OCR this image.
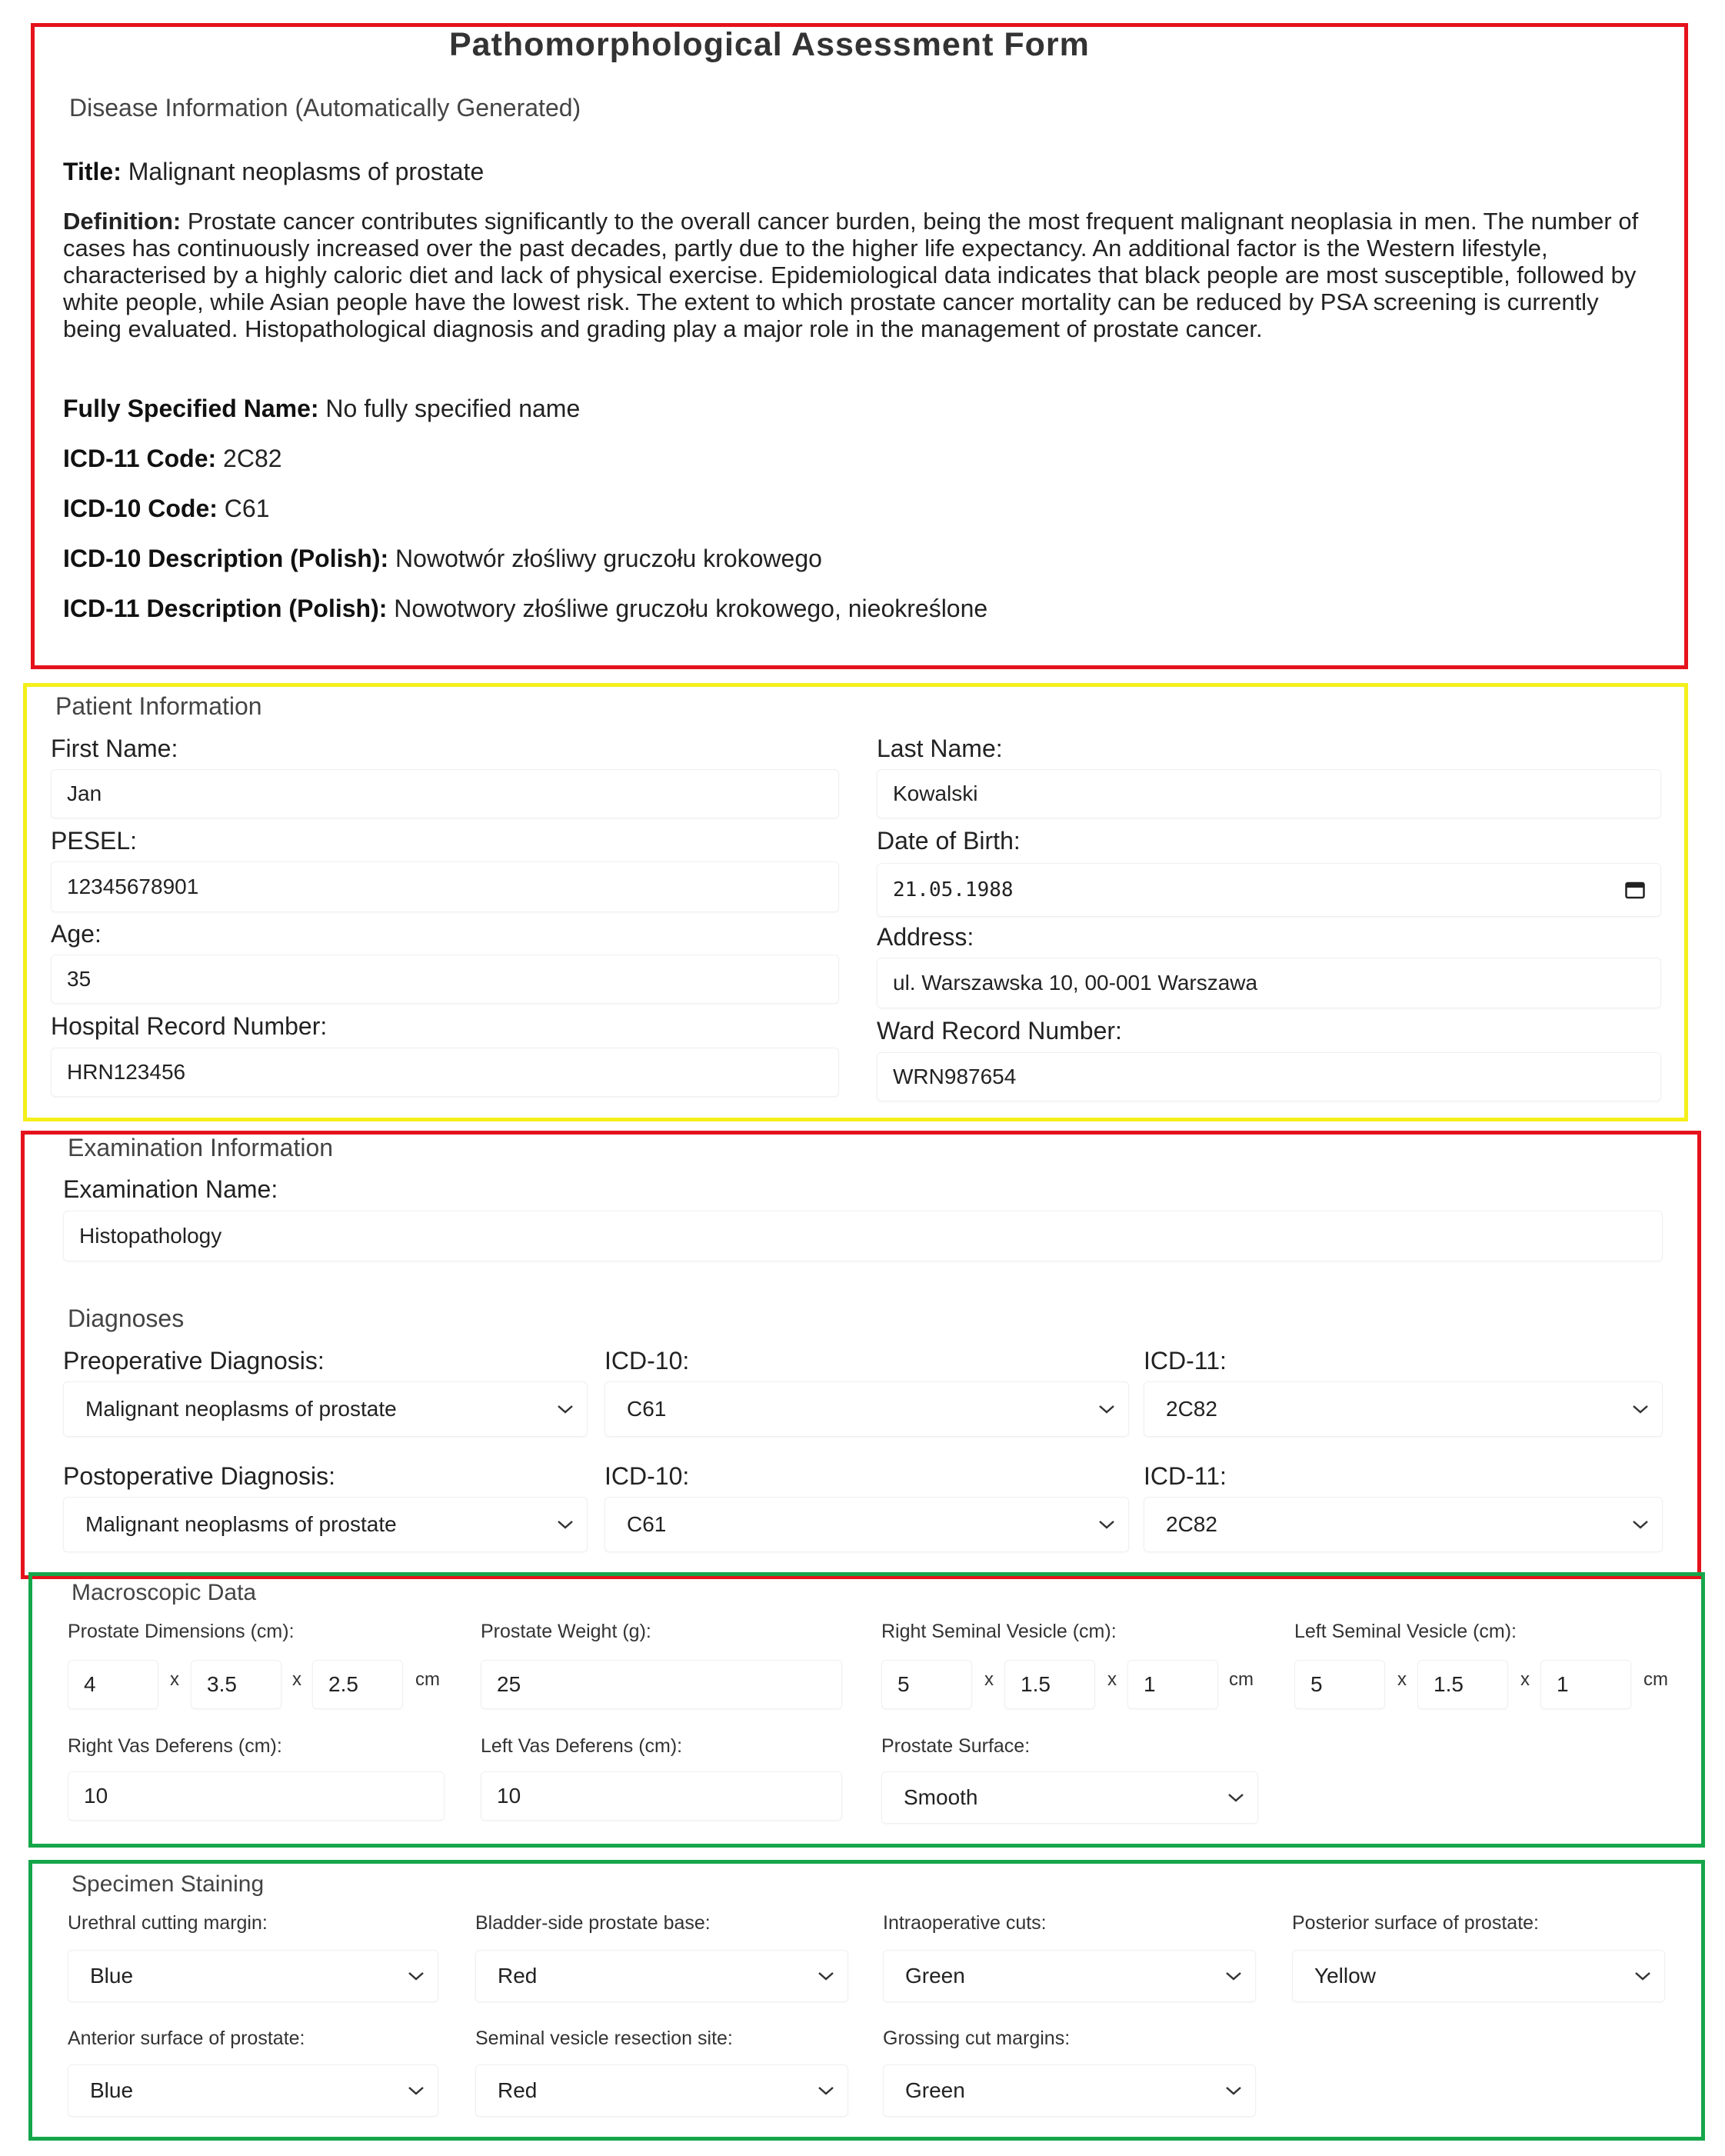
Pathomorphological Assessment Form
Disease Information (Automatically Generated)
Title: Malignant neoplasms of prostate
Definition: Prostate cancer contributes significantly to the overall cancer burden, being the most frequent malignant neoplasia in men. The number of cases has continuously increased over the past decades, partly due to the higher life expectancy. An additional factor is the Western lifestyle, characterised by a highly caloric diet and lack of physical exercise. Epidemiological data indicates that black people are most susceptible, followed by white people, while Asian people have the lowest risk. The extent to which prostate cancer mortality can be reduced by PSA screening is currently being evaluated. Histopathological diagnosis and grading play a major role in the management of prostate cancer.
Fully Specified Name: No fully specified name
ICD-11 Code: 2C82
ICD-10 Code: C61
ICD-10 Description (Polish): Nowotwór złośliwy gruczołu krokowego
ICD-11 Description (Polish): Nowotwory złośliwe gruczołu krokowego, nieokreślone
Patient Information
First Name:
Jan
Last Name:
Kowalski
PESEL:
12345678901
Date of Birth:
21.05.1988
Age:
35
Address:
ul. Warszawska 10, 00-001 Warszawa
Hospital Record Number:
HRN123456
Ward Record Number:
WRN987654
Examination Information
Examination Name:
Histopathology
Diagnoses
Preoperative Diagnosis:	ICD-10:	ICD-11:
Malignant neoplasms of prostate	C61	2C82
Postoperative Diagnosis:	ICD-10:	ICD-11:
Malignant neoplasms of prostate	C61	2C82
Macroscopic Data
Prostate Dimensions (cm):
4	x 3.5	x 2.5	cm
Prostate Weight (g):
25
Right Seminal Vesicle (cm):
5	x 1.5	x 1	cm
Left Seminal Vesicle (cm):
5	x 1.5	x 1	cm
Right Vas Deferens (cm):
10
Left Vas Deferens (cm):
10
Prostate Surface:
Smooth
Specimen Staining
Urethral cutting margin:
Blue
Bladder-side prostate base:
Red
Intraoperative cuts:
Green
Posterior surface of prostate:
Yellow
Anterior surface of prostate:
Blue
Seminal vesicle resection site:
Red
Grossing cut margins:
Green
